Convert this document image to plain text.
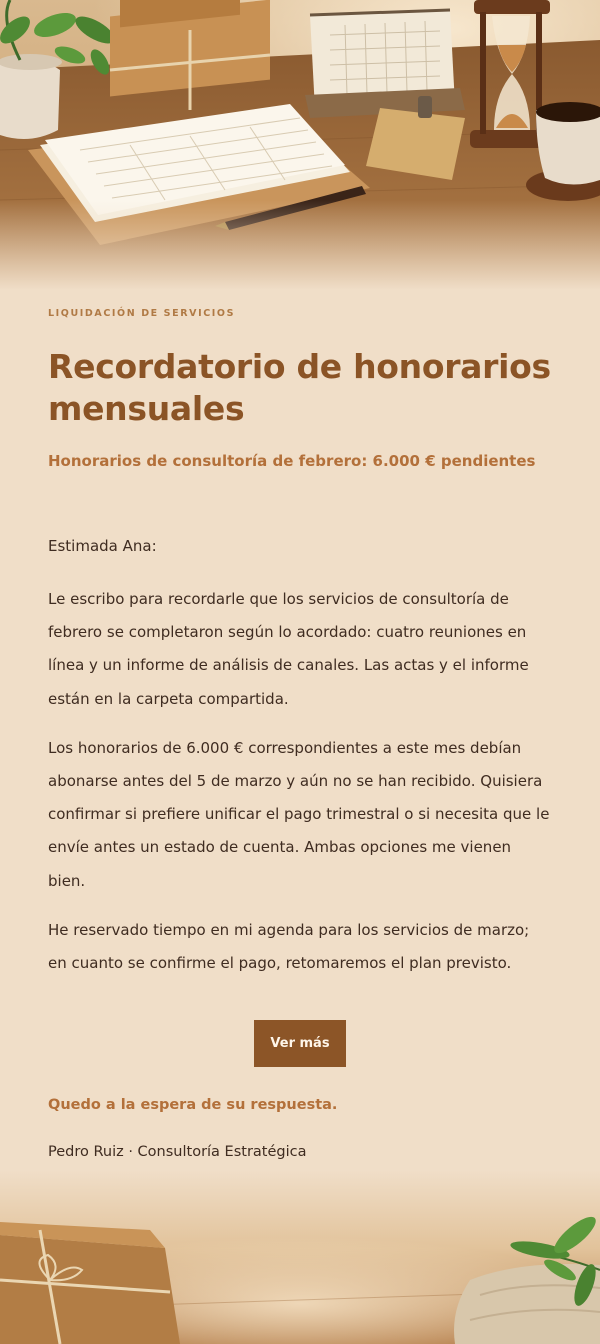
LIQUIDACIÓN DE SERVICIOS

Recordatorio de honorarios mensuales

Honorarios de consultoría de febrero: 6.000 € pendientes

Estimada Ana:

Le escribo para recordarle que los servicios de consultoría de febrero se completaron según lo acordado: cuatro reuniones en línea y un informe de análisis de canales. Las actas y el informe están en la carpeta compartida.

Los honorarios de 6.000 € correspondientes a este mes debían abonarse antes del 5 de marzo y aún no se han recibido. Quisiera confirmar si prefiere unificar el pago trimestral o si necesita que le envíe antes un estado de cuenta. Ambas opciones me vienen bien.

He reservado tiempo en mi agenda para los servicios de marzo; en cuanto se confirme el pago, retomaremos el plan previsto.

Ver más

Quedo a la espera de su respuesta.

Pedro Ruiz · Consultoría Estratégica
